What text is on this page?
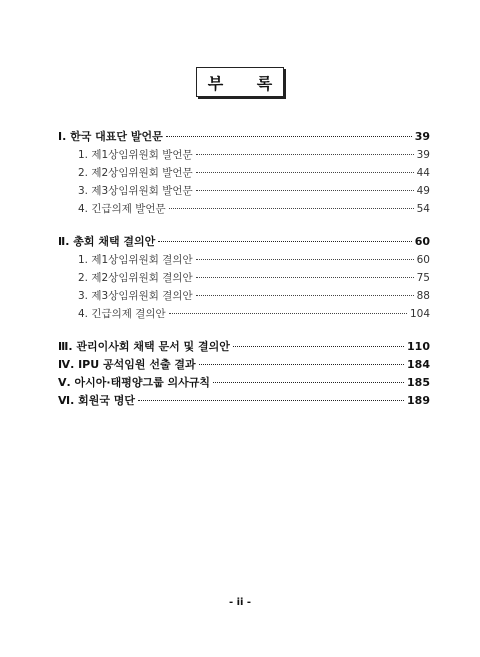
부 록
Ⅰ. 한국 대표단 발언문	39
1. 제1상임위원회 발언문	39
2. 제2상임위원회 발언문	44
3. 제3상임위원회 발언문	49
4. 긴급의제 발언문	54
Ⅱ. 총회 채택 결의안	60
1. 제1상임위원회 결의안	60
2. 제2상임위원회 결의안	75
3. 제3상임위원회 결의안	88
4. 긴급의제 결의안	104
Ⅲ. 관리이사회 채택 문서 및 결의안	110
Ⅳ. IPU 공석임원 선출 결과	184
Ⅴ. 아시아·태평양그룹 의사규칙	185
Ⅵ. 회원국 명단	189
- ii -
